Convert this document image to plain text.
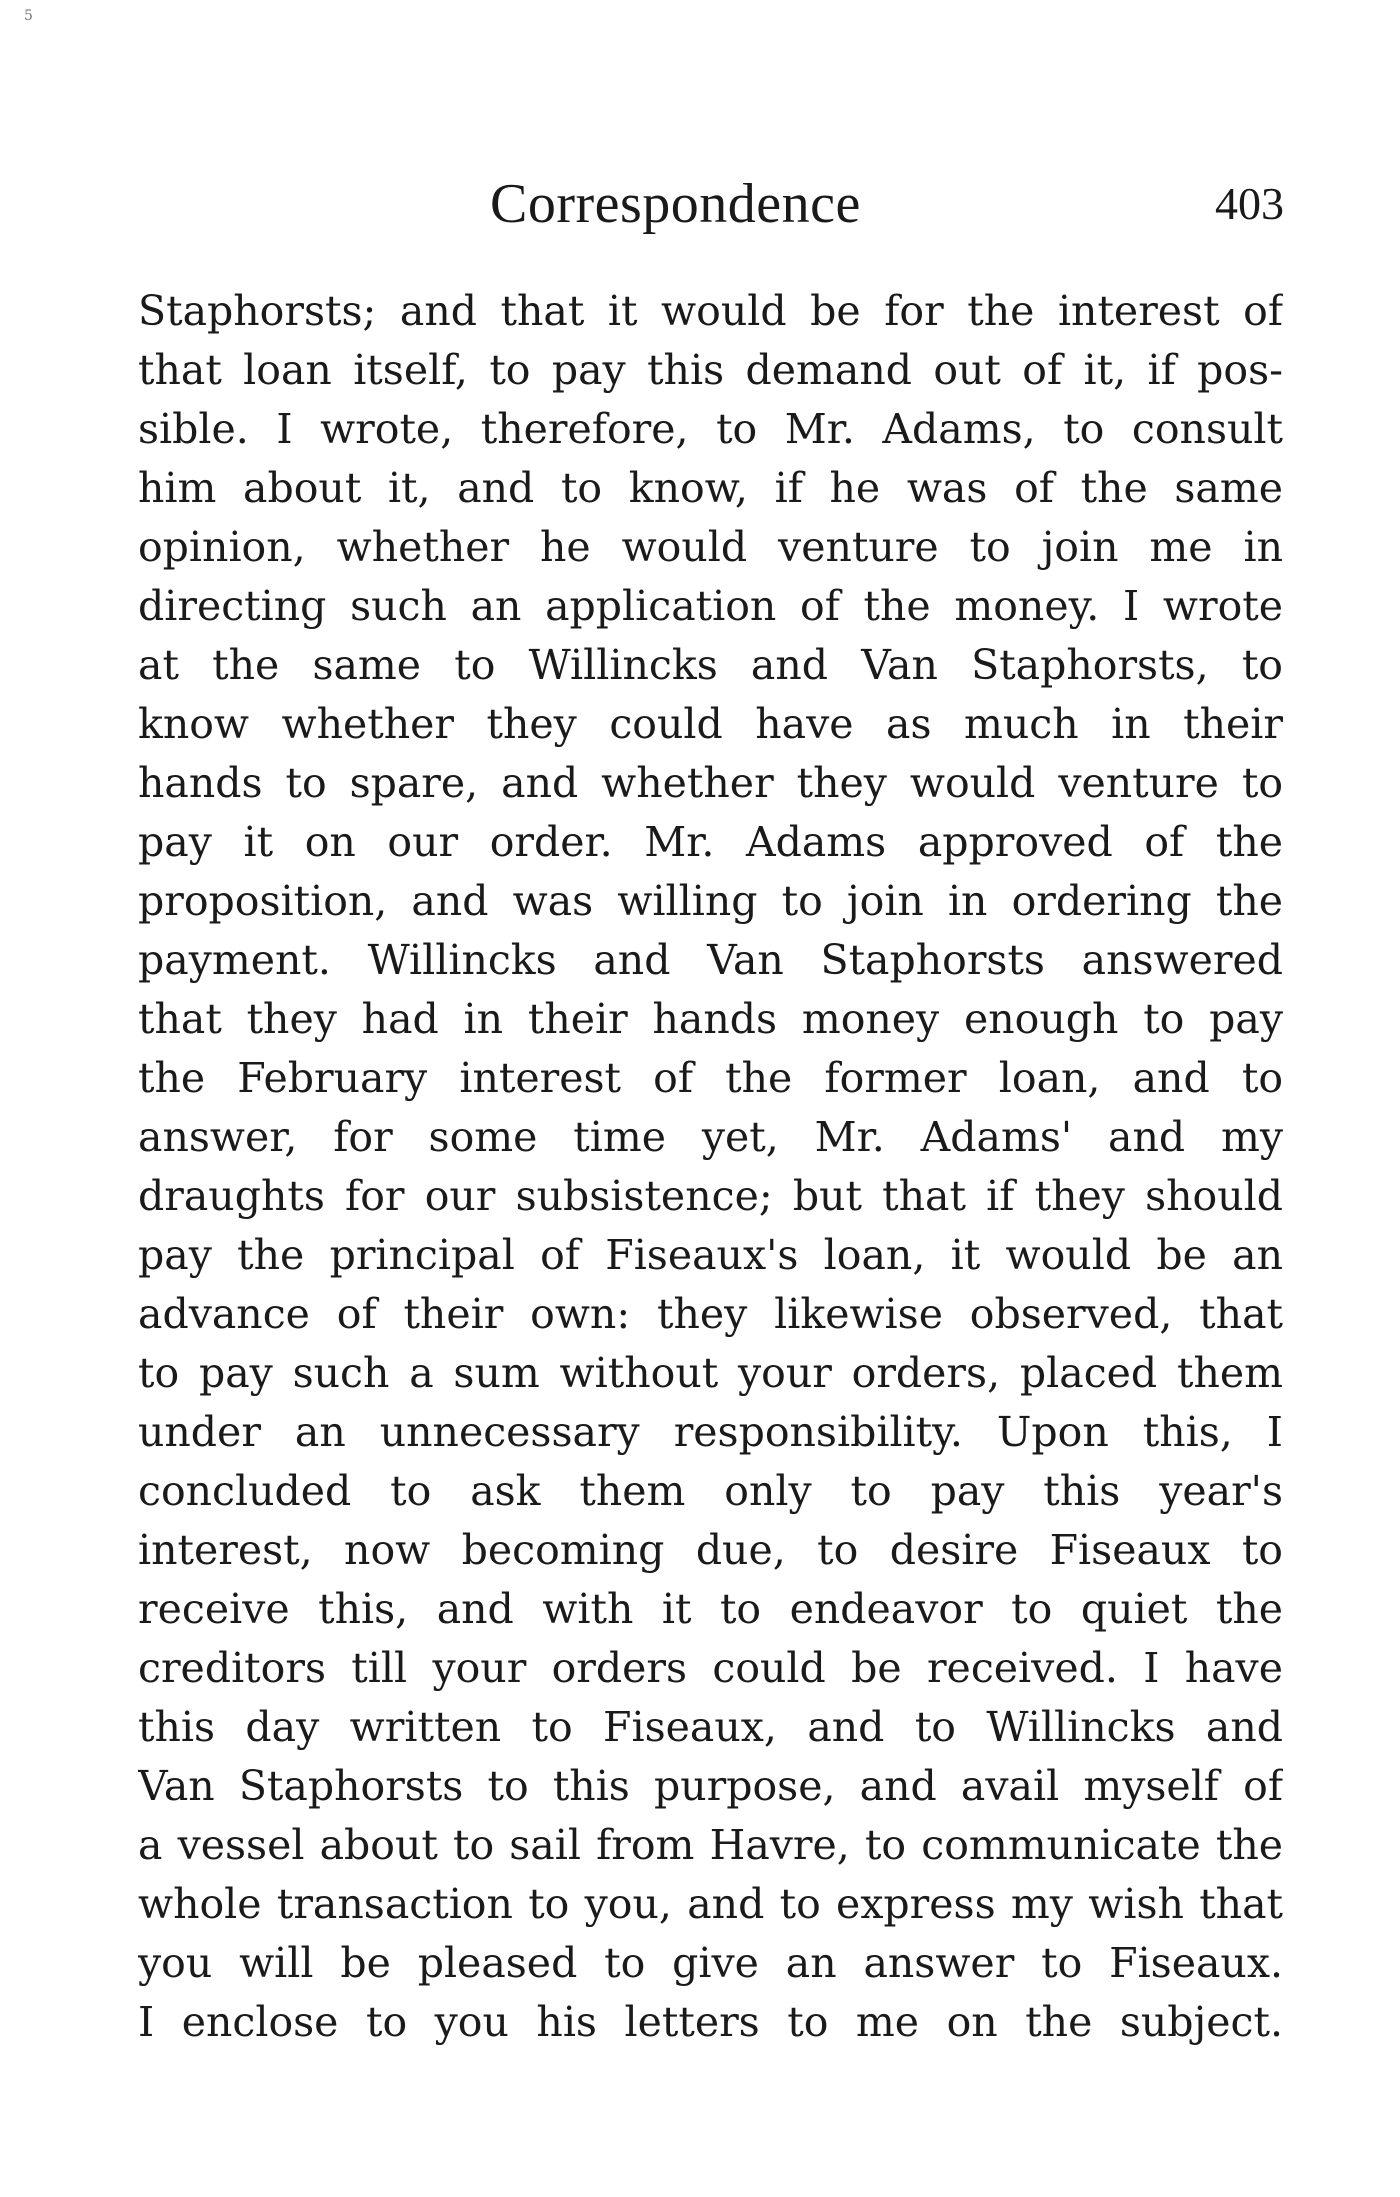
5
Correspondence	403
Staphorsts; and that it would be for the interest of
that loan itself, to pay this demand out of it, if pos-
sible. I wrote, therefore, to Mr. Adams, to consult
him about it, and to know, if he was of the same
opinion, whether he would venture to join me in
directing such an application of the money. I wrote
at the same to Willincks and Van Staphorsts, to
know whether they could have as much in their
hands to spare, and whether they would venture to
pay it on our order. Mr. Adams approved of the
proposition, and was willing to join in ordering the
payment. Willincks and Van Staphorsts answered
that they had in their hands money enough to pay
the February interest of the former loan, and to
answer, for some time yet, Mr. Adams' and my
draughts for our subsistence; but that if they should
pay the principal of Fiseaux's loan, it would be an
advance of their own: they likewise observed, that
to pay such a sum without your orders, placed them
under an unnecessary responsibility. Upon this, I
concluded to ask them only to pay this year's
interest, now becoming due, to desire Fiseaux to
receive this, and with it to endeavor to quiet the
creditors till your orders could be received. I have
this day written to Fiseaux, and to Willincks and
Van Staphorsts to this purpose, and avail myself of
a vessel about to sail from Havre, to communicate the
whole transaction to you, and to express my wish that
you will be pleased to give an answer to Fiseaux.
I enclose to you his letters to me on the subject.
